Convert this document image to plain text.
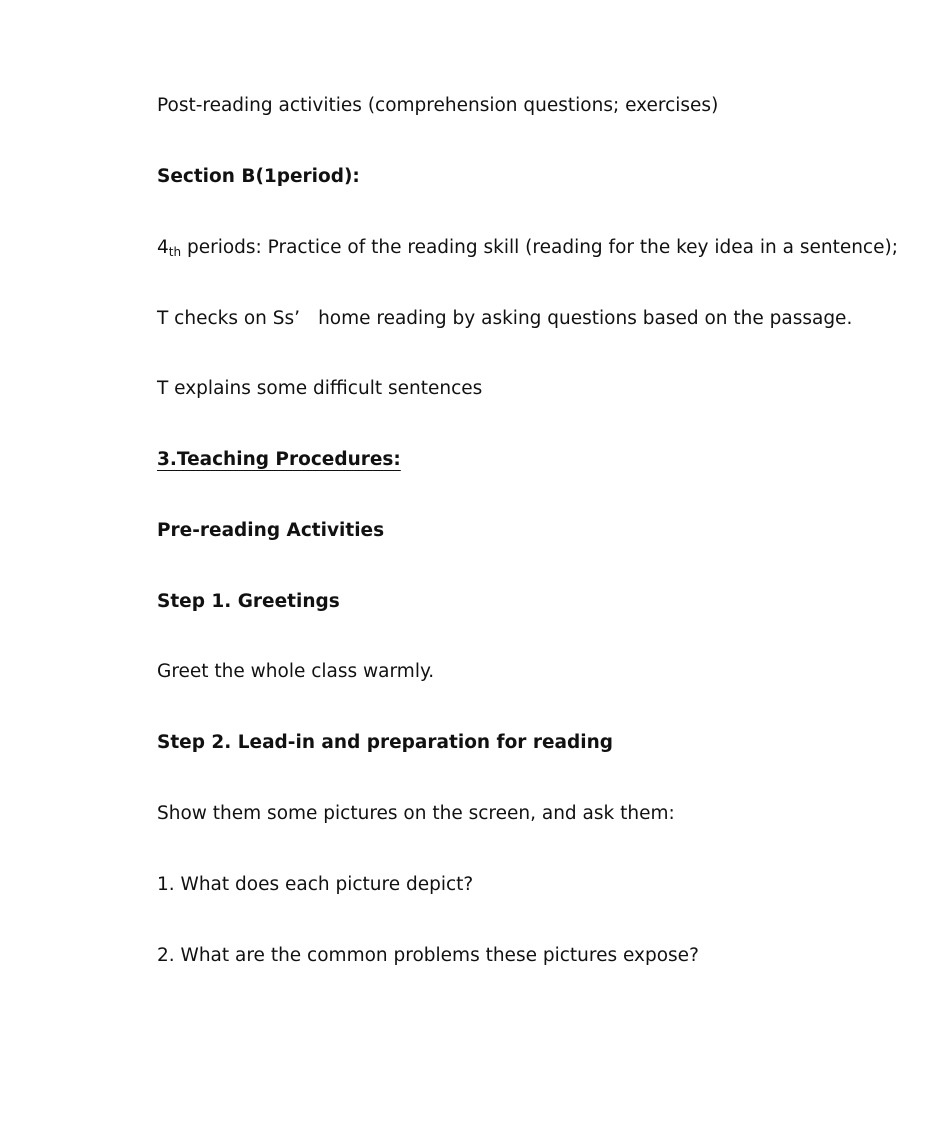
Post-reading activities (comprehension questions; exercises)
Section B(1period):
$4_{th}$ periods: Practice of the reading skill (reading for the key idea in a sentence);
T checks on Ss’ home reading by asking questions based on the passage.
T explains some difficult sentences
3.Teaching Procedures:
Pre-reading Activities
Step 1. Greetings
Greet the whole class warmly.
Step 2. Lead-in and preparation for reading
Show them some pictures on the screen, and ask them:
1. What does each picture depict?
2. What are the common problems these pictures expose?
